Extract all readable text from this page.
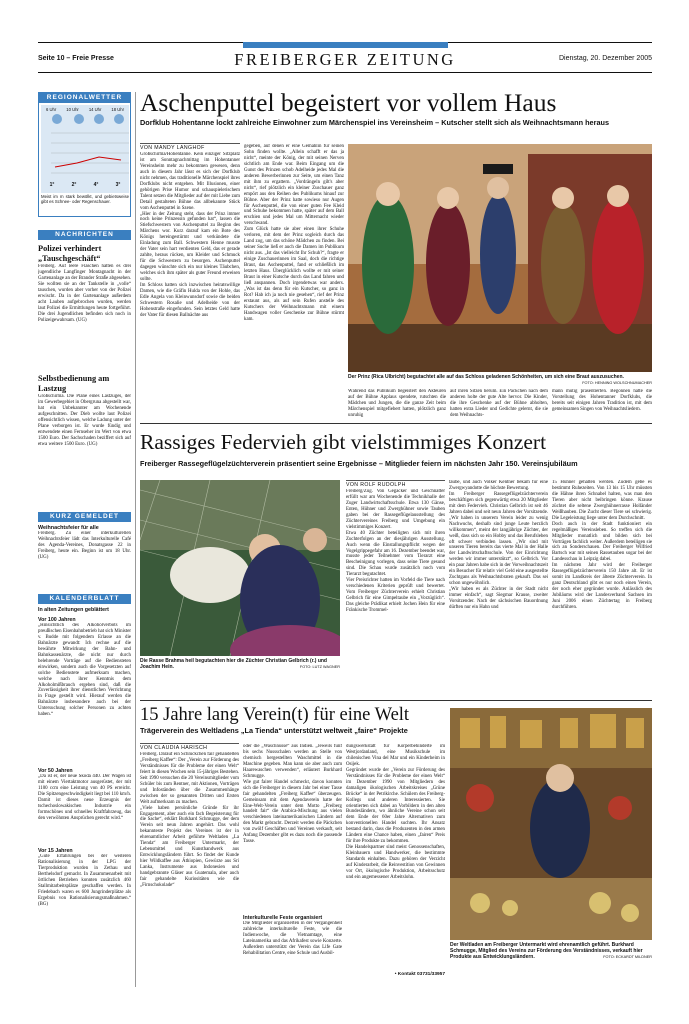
Seite 10 – Freie Presse	FREIBERGER ZEITUNG	Dienstag, 20. Dezember 2005
REGIONALWETTER
6 Uhr 10 Uhr 14 Uhr 18 Uhr
1°	2°	4°	3°
Meist im m stark bewölkt, und gebietsweise gibt es Schnee- oder Regenschauer.
NACHRICHTEN
Polizei verhindert „Tauschgeschäft“
Freiberg. Auf leere Flaschen hatten es drei jugendliche Langfinger Montagnacht in der Gartenanlage an der Brander Straße abgesehen. Sie wollten sie an der Tankstelle in „volle“ tauschen, wurden aber vorher von der Polizei erwischt. Da in der Gartenanlage außerdem acht Lauben aufgebrochen wurden, werden laut Polizei die Ermittlungen heute fortgeführt. Die drei Jugendlichen befinden sich noch in Polizeigewahrsam. (UG)
Selbstbedienung am Lastzug
Großschirma. Die Plane eines Lastzuges, der im Gewerbegebiet in Obergruna abgestellt war, hat ein Unbekannter am Wochenende aufgeschnitten. Der Dieb wollte laut Polizei offensichtlich wissen, welche Ladung unter der Plane verborgen ist. Er wurde fündig und entwendete einen Fernseher im Wert von etwa 1500 Euro. Der Sachschaden beziffert sich auf etwa weitere 1500 Euro. (UG)
KURZ GEMELDET
Weihnachtsfeier für alle
Freiberg. Zu einer interkulturellen Weihnachtsfeier lädt das Interkulturelle Café des Agenda-Vereines, Donatsgasse 22 in Freiberg, heute ein. Beginn ist um 18 Uhr. (UG)
KALENDERBLATT
In alten Zeitungen geblättert
Vor 100 Jahren
„Hinsichtlich des Alkoholverbots im preußischen Eisenbahnbetrieb hat sich Minister v. Budde mit folgendem Erlasse an die Bahnärzte gewandt: Ich rechne auf die bewährte Mitwirkung der Bahn- und Bahnkassenärzte, die nicht nur durch belehrende Vorträge auf die Bediensteten einwirken, sondern auch die Vorgesetzten auf solche Bedienstete aufmerksam machen, welche nach ihrer Kenntnis dem Alkoholmißbrauch ergeben sind, daß die Zuverlässigkeit ihrer dienstlichen Verrichtung in Frage gestellt wird. Hierauf werden die Bahnärzte insbesondere auch bei der Untersuchung solcher Personen zu achten haben.“
Vor 50 Jahren
„Da ist er, der neue Skoda 440. Der Wagen ist mit einem Viertaktmotor ausgerüstet, der mit 1100 ccm eine Leistung von 40 PS erreicht. Die Spitzengeschwindigkeit liegt bei 110 km/h. Damit ist dieses neue Erzeugnis der tschechoslowakischen Industrie ein formschönes und schnelles Kraftfahrzeug, das den verwöhnten Ansprüchen gerecht wird.“
Vor 15 Jahren
„Gute Erfahrungen bei der weiteren Rationalisierung in der LPG der Tierproduktion wurden in Zethau und Berthelsdorf gemacht. In Zusammenarbeit mit örtlichen Betrieben konnten zusätzlich 460 Stallmitarbeitsplätze geschaffen werden. In Friedebach waren es 600 Jungrinderplätze als Ergebnis von Rationalisierungsmaßnahmen.“ (BG)
Aschenputtel begeistert vor vollem Haus
Dorfklub Hohentanne lockt zahlreiche Einwohner zum Märchenspiel ins Vereinsheim – Kutscher stellt sich als Weihnachtsmann heraus
VON MANDY LANGHOF
Großschirma/Hohentanne. Kein einziger Sitzplatz ist am Sonntagnachmittag im Hohentanner Vereinsheim mehr zu bekommen gewesen, denn auch in diesem Jahr lässt es sich der Dorfklub nicht nehmen, das traditionelle Märchenspiel ihres Dorfklubs nicht entgehen. Mit Illusionen, einer gehörigen Prise Humor und schauspielerischem Talent setzen die Mitglieder auf der mit Liebe zum Detail gestalteten Bühne das allbekannte Stück vom Aschenputtel in Szene.
„Hier in der Zeitung steht, dass der Prinz immer noch keine Prinzessin gefunden hat“, lassen die Stiefschwestern von Aschenputtel zu Beginn des Märchens wor. Kurz darauf kam ein Bote des Königs hereingestürmt und verkündete die Einladung zum Ball. Schwestern Henne musste der Vater sein hart verdienten Geld, das er gerade zahlte, heraus rücken, um Kleider und Schmuck für die Schwestern zu besorgen. Aschenputtel dagegen wünschte sich ein nur kleines Täubchen, welches sich ihm später als guter Freund erweisen sollte.
Im Schloss hatten sich inzwischen heiratswillige Damen, wie die Gräfin Hulda von der Hohle, das Edle Angela von Kleinwunsdorf sowie die beiden Schwestern Rosalie und Adelheide von der Hohenstraße eingefunden. Sein letztes Geld hatte der Vater für diesen Ballnächte aus
gegeben, auf denen er eine Gemahlin für seinen Sohn finden wollte. „Allein schafft er das ja nicht“, meinte der König, der mit seinen Nerven sichtlich am Ende war. Beim Eingang um die Gunst des Prinzen schob Adelheide jedes Mal die anderen Bewerberinnen zur Seite, um einen Tanz mit ihm zu ergattern. „Vordrängeln gilt's aber nicht“, rief plötzlich ein kleiner Zuschauer ganz empört aus den Reihen des Publikums hinauf zur Bühne. Aber der Prinz hatte sowieso nur Augen für Aschenputtel, die von einer guten Fee Kleid und Schuhe bekommen hatte, später auf dem Ball erschien und jedes Mal um Mitternacht wieder verschwand.
Zum Glück hatte sie aber einen ihrer Schuhe verloren, mit dem der Prinz sogleich durch das Land zog, um das schöne Mädchen zu finden. Bei seiner Suche ließ er auch die Damen im Publikum nicht aus. „Ist das vielleicht Ihr Schuh?“, fragte er einige Zuschauerinnen im Saal, doch die richtige Braut, das Aschenputtel, fand er schließlich im letzten Haus. Überglücklich wollte er mit seiner Braut in einer Kutsche durch das Land fahren und ließ anspannen. Doch irgendetwas war anders. „Was ist das denn für ein Kutscher, so ganz in Rot? Hab ich ja noch nie gesehen“, rief der Prinz erstaunt aus, als auf sein Rufen anstelle des Kutschers der Weihnachtsmann mit einem Handwagen voller Geschenke zur Bühne stürmt kam.
Der Prinz (Rica Ulbricht) begutachtet alle auf das Schloss geladenen Schönheiten, um sich eine Braut auszusuchen.
FOTO: HENNING WOLSCHNUMACHER
Während das Publikum begeistert den Akteuren auf der Bühne Applaus spendete, rutschten die Mädchen und Jungen, die die ganze Zeit beim Märchenspiel mitgefiebert hatten, plötzlich ganz unruhig
auf ihren Sitzen herum. Ein Päckchen nach dem anderen holte der gute Alte hervor. Die Kinder, die ihre Geschenke auf der Bühne abholten, hatten extra Lieder und Gedichte gelernt, die sie dem Weihnachts-
mann mutig präsentierten. Begonnen hatte die Vorstellung des Hohentanner Dorfklubs, die bereits seit einigen Jahren Tradition ist, mit dem gemeinsamen Singen von Weihnachtsliedern.
Rassiges Federvieh gibt vielstimmiges Konzert
Freiberger Rassegeflügelzüchterverein präsentiert seine Ergebnisse – Mitglieder feiern im nächsten Jahr 150. Vereinsjubiläum
Die Rasse Brahma heil begutachten hier die Züchter Christian Gelbrich (r.) und Joachim Hein.	FOTO: LUTZ WAGNER
VON ROLF RUDOLPH
Freiberg/Zug. Von Gegacker und Geschnatter erfüllt war am Wochenende die Technikhalle der Zuger Landwirtschaftsschule. Etwa 130 Gänse, Enten, Hühner und Zwerghühner sowie Tauben gaben bei der Rassegeflügelausstellung des Züchtervereines Freiberg und Umgebung ein vielstimmiges Konzert.
Etwa 40 Züchter beteiligten sich mit ihren Zuchterfolgen an der diesjährigen Ausstellung. Auch wenn die Einstallungspflicht wegen der Vogelgrippegefahr am 16. Dezember beendet war, musste jeder Teilnehmer vom Tierarzt eine Bescheinigung vorlegen, dass seine Tiere gesund sind. Die Schau wurde zusätzlich noch vom Tierarzt begutachtet.
Vier Preisrichter hatten im Vorfeld die Tiere nach verschiedenen Kriterien geprüft und bewertet. Vom Freiberger Züchterverein erhielt Christian Gelbrich für eine Gimpeltaube ein „Vorzüglich“. Das gleiche Prädikat erhielt Jochen Hein für eine Fränkische Trommel-
taube, und auch Volker Kentner bekam für eine Zwergwyandotte die höchste Bewertung.
Im Freiberger Rassegeflügelzüchterverein beschäftigen sich gegenwärtig etwa 20 Mitglieder mit dem Federvieh. Christian Gelbrich ist seit 46 Jahren dabei und seit neun Jahren der Vorsitzende. „Wir haben in unserem Verein leider zu wenig Nachwuchs, deshalb sind junge Leute herzlich willkommen“, meint der langjährige Züchter, der weiß, dass sich so ein Hobby und das Berufsleben oft schwer verbinden lassen. „Wir sind mit unseren Tieren bereits das vierte Mal in der Halle der Landwirtschaftsschule. Von der Einrichtung werden wir immer unterstützt“, so Gelbrich. Vor ein paar Jahren habe sich in der Vorweihnachtszeit ein Besucher für relativ viel Geld eine ausgestellte Zuchtgans als Weihnachtsbraten gekauft. Das sei schon ungewöhnlich.
„Wir haben es als Züchter in der Stadt nicht immer einfach“, sagt Siegmar Krause, zweiter Vorsitzender. Nach der sächsischen Bauordnung dürften nur ein Hahn und
15 Hühner gehalten werden. Zudem gebe es bestimmt Ruhezeiten. Von 13 bis 15 Uhr müssten die Hähne ihren Schnabel halten, was man den Tieren aber nicht beibringen könne. Krause züchtet die seltene Zwerghühnerrasse Holländer Weißhauben. Die Zucht dieser Tiere sei schwierig. Die Legeleistung liege unter dem Durchschnitt.
Doch auch in der Stadt funktioniert ein regelmäßiges Vereinsleben. So treffen sich die Mitglieder monatlich und bilden sich bei Vorträgen fachlich weiter. Außerdem beteiligen sie sich an Sonderschauen. Der Freiberger Wilfried Bartsch war mit seinen Rassetauben sogar bei der Landesschau in Leipzig dabei.
Im nächsten Jahr wird der Freiberger Rassegeflügelzüchterverein 150 Jahre alt. Er ist somit im Landkreis der älteste Züchterverein. In ganz Deutschland gibt es nur noch einen Verein, der noch eher gegründet wurde. Anlässlich des Jubiläums wird der Landesverband Sachsen im Juni 2006 einen Züchtertag in Freiberg durchführen.
15 Jahre lang Verein(t) für eine Welt
Trägerverein des Weltladens „La Tienda“ unterstützt weltweit „faire“ Projekte
VON CLAUDIA HARISCH
Freiberg. Darauf ein Schlückchen fair gehandelten „Freiberg Kaffee“: Der „Verein zur Förderung des Verständnisses für die Probleme der einen Welt“ feiert in diesen Wochen sein 15-jähriges Bestehen. Seit 1990 versuchen die 20 Vereinsmitglieder vom Schüler bis zum Rentner, mit Aktionen, Vorträgen und Infoständen über die Zusammenhänge zwischen der so genannten Dritten und Ersten Welt aufmerksam zu machen.
„Viele haben persönliche Gründe für ihr Engagement, aber auch ein fach Begeisterung für die Sache“, erklärt Burkhard Schmugge, der dem Verein seit neun Jahren angehört. Das wohl bekannteste Projekt des Vereines ist der in ehrenamtlicher Arbeit geführte Weltladen „La Tienda“ am Freiberger Untermarkt, der Lebensmittel und Kunsthandwerk aus Entwicklungsländern führt. So findet der Kunde hier Wildkaffee aus Äthiopien, Gewürze aus Sri Lanka, Instrumente aus Indonesien und handgebrannte Gläser aus Guatemala, aber auch fair gehandelte Kuriositäten wie die „Firnschokolade“
oder die „Waschnüsse“ aus Indien. „Jeweils fünf bis sechs Nussschalen werden an Stelle von chemisch hergestellten Waschmittel in die Maschine gegeben. Man kann sie aber auch zum Haarewaschen verwenden“, erläutert Burkhard Schmugge.
Wie gut fairer Handel schmeckt, davon konnten sich die Freiberger in diesem Jahr bei einer Tasse fair gehandelten „Freiberg Kaffee“ überzeugen. Gemeinsam mit dem Agendaverein hatte der Eine-Welt-Verein unter dem Motto „Freiberg handelt fair“ die Arabica-Mischung aus vielen verschiedenen lateinamerikanischen Ländern auf den Markt gebracht. Derzeit werden die Päckchen von zwölf Geschäften und Vereinen verkauft, seit Anfang Dezember gibt es dazu noch die passende Tasse.
Interkulturelle Feste organisiert
Die Mitglieder organisierten in der Vergangenheit zahlreiche interkulturelle Feste, wie die Indienwoche, die Vietnamtage, eine Lateinamerika und das Afrikafest sowie Konzerte. Außerdem unterstützt der Verein das Life Gate Rehabilitation Centre, eine Schule und Ausbil-
dungswerkstatt für Körperbehinderte im Westjordanland, eine Musikschule im chilenischen Vina del Mar und ein Kinderheim in Osijek.
Gegründet wurde der „Verein zur Förderung des Verständnisses für die Probleme der einen Welt“ im Dezember 1990 von Mitgliedern des damaligen ökologischen Arbeitskreises „Grüne Brücke“ in der Petrikirche. Schülern des Freiberg-Kollegs und anderen Interessierten. Sie orientierten sich dabei an Vorbildern in den alten Bundesländern, wo ähnliche Vereine schon seit dem Ende der 60er Jahre Alternativen zum konventionellen Handel suchten. Ihr Ansatz bestand darin, dass die Produzenten in den armen Ländern eine Chance haben, einen „fairen“ Preis für ihre Produkte zu bekommen.
Die Handelspartner sind meist Genossenschaften, Kleinbauern und Handwerker, die bestimmte Standards einhalten. Dazu gehören der Verzicht auf Kinderarbeit, die Reinvestition von Gewinnen vor Ort, ökologische Produktion, Arbeitsschutz und ein angemessener Arbeitslohn.
• Kontakt 03731/33957
Der Weltladen am Freiberger Untermarkt wird ehrenamtlich geführt. Burkhard Schmugge, Mitglied des Vereins zur Förderung des Verständnisses, verkauft hier Produkte aus Entwicklungsländern.	FOTO: ECKARDT MILDNER
